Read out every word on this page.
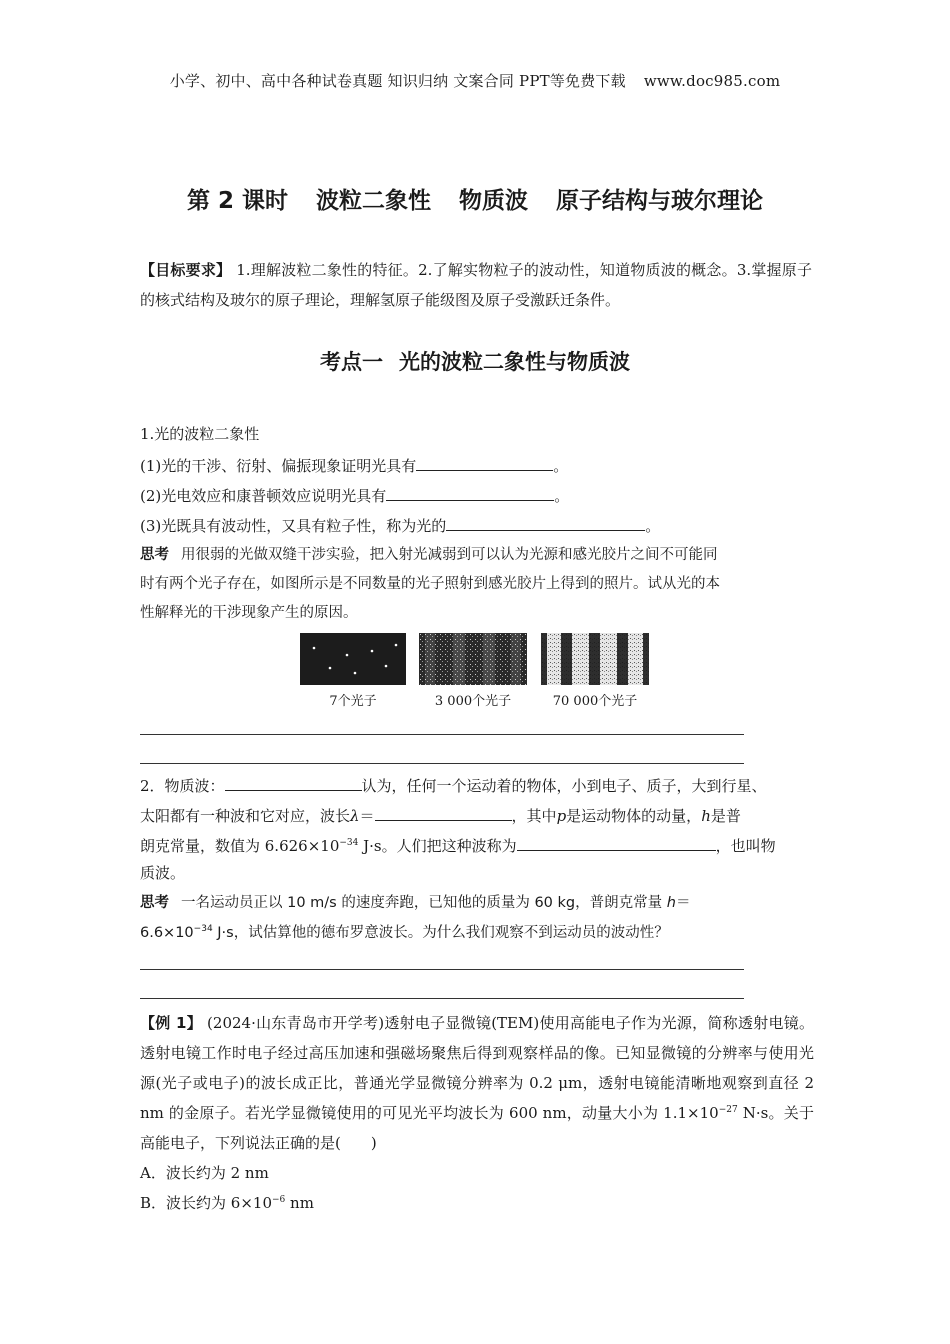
小学、初中、高中各种试卷真题 知识归纳 文案合同 PPT等免费下载 www.doc985.com
第 2 课时 波粒二象性 物质波 原子结构与玻尔理论
【目标要求】 1.理解波粒二象性的特征。2.了解实物粒子的波动性，知道物质波的概念。3.掌握原子的核式结构及玻尔的原子理论，理解氢原子能级图及原子受激跃迁条件。
考点一 光的波粒二象性与物质波
1.光的波粒二象性
(1)光的干涉、衍射、偏振现象证明光具有	。
(2)光电效应和康普顿效应说明光具有	。
(3)光既具有波动性，又具有粒子性，称为光的	。
思考 用很弱的光做双缝干涉实验，把入射光减弱到可以认为光源和感光胶片之间不可能同
时有两个光子存在，如图所示是不同数量的光子照射到感光胶片上得到的照片。试从光的本
性解释光的干涉现象产生的原因。
7个光子	3 000个光子	70 000个光子
2．物质波：	认为，任何一个运动着的物体，小到电子、质子，大到行星、
太阳都有一种波和它对应，波长λ＝	，其中p是运动物体的动量，h是普
朗克常量，数值为 $6.626\times 10^{-34}$ J·s。人们把这种波称为	，也叫物
质波。
思考 一名运动员正以 10 m/s 的速度奔跑，已知他的质量为 60 kg，普朗克常量 h＝
$6.6\times 10^{-34}$ J·s，试估算他的德布罗意波长。为什么我们观察不到运动员的波动性？
【例 1】 (2024·山东青岛市开学考)透射电子显微镜(TEM)使用高能电子作为光源，简称透射电镜。透射电镜工作时电子经过高压加速和强磁场聚焦后得到观察样品的像。已知显微镜的分辨率与使用光源(光子或电子)的波长成正比，普通光学显微镜分辨率为 0.2 μm，透射电镜能清晰地观察到直径 2 nm 的金原子。若光学显微镜使用的可见光平均波长为 600 nm，动量大小为 $1.1\times 10^{-27}$ N·s。关于高能电子，下列说法正确的是(　　)
A．波长约为 2 nm
B．波长约为 $6\times 10^{-6}$ nm
